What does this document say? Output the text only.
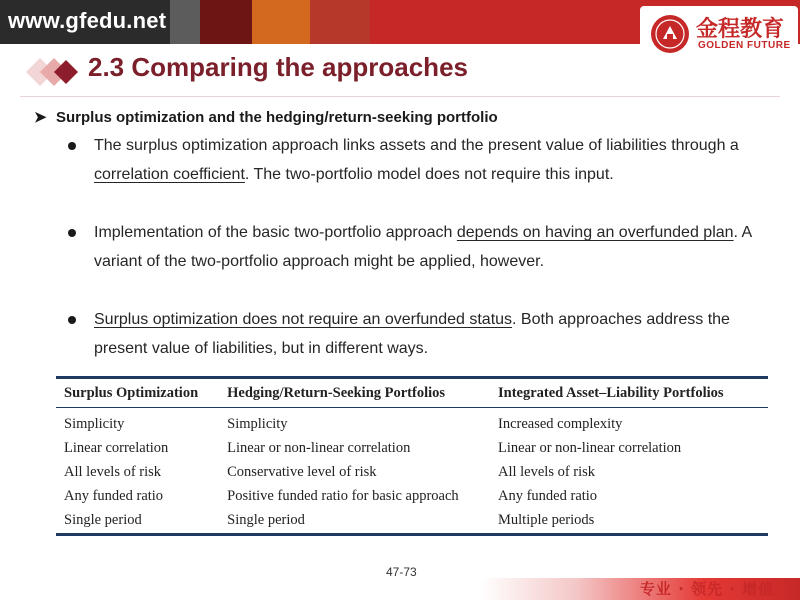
www.gfedu.net	金程教育
GOLDEN FUTURE
2.3 Comparing the approaches
➤ Surplus optimization and the hedging/return-seeking portfolio
The surplus optimization approach links assets and the present value of liabilities through a correlation coefficient. The two-portfolio model does not require this input.
Implementation of the basic two-portfolio approach depends on having an overfunded plan. A variant of the two-portfolio approach might be applied, however.
Surplus optimization does not require an overfunded status. Both approaches address the present value of liabilities, but in different ways.
Surplus Optimization	Hedging/Return-Seeking Portfolios	Integrated Asset–Liability Portfolios
Simplicity	Simplicity	Increased complexity
Linear correlation	Linear or non-linear correlation	Linear or non-linear correlation
All levels of risk	Conservative level of risk	All levels of risk
Any funded ratio	Positive funded ratio for basic approach	Any funded ratio
Single period	Single period	Multiple periods
47-73
专业 · 领先 · 增值
